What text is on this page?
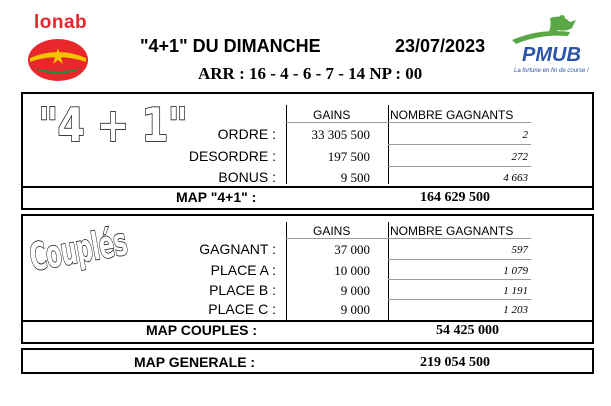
lonab
PMUB
La fortune en fin de course !
"4+1" DU DIMANCHE	23/07/2023
ARR : 16 - 4 - 6 - 7 - 14 NP : 00
"4 + 1"	GAINS	NOMBRE GAGNANTS
ORDRE :	33 305 500	2
DESORDRE :	197 500	272
BONUS :	9 500	4 663
MAP "4+1" :	164 629 500
Couplés	GAINS	NOMBRE GAGNANTS
GAGNANT :	37 000	597
PLACE A :	10 000	1 079
PLACE B :	9 000	1 191
PLACE C :	9 000	1 203
MAP COUPLES :	54 425 000
MAP GENERALE :	219 054 500
